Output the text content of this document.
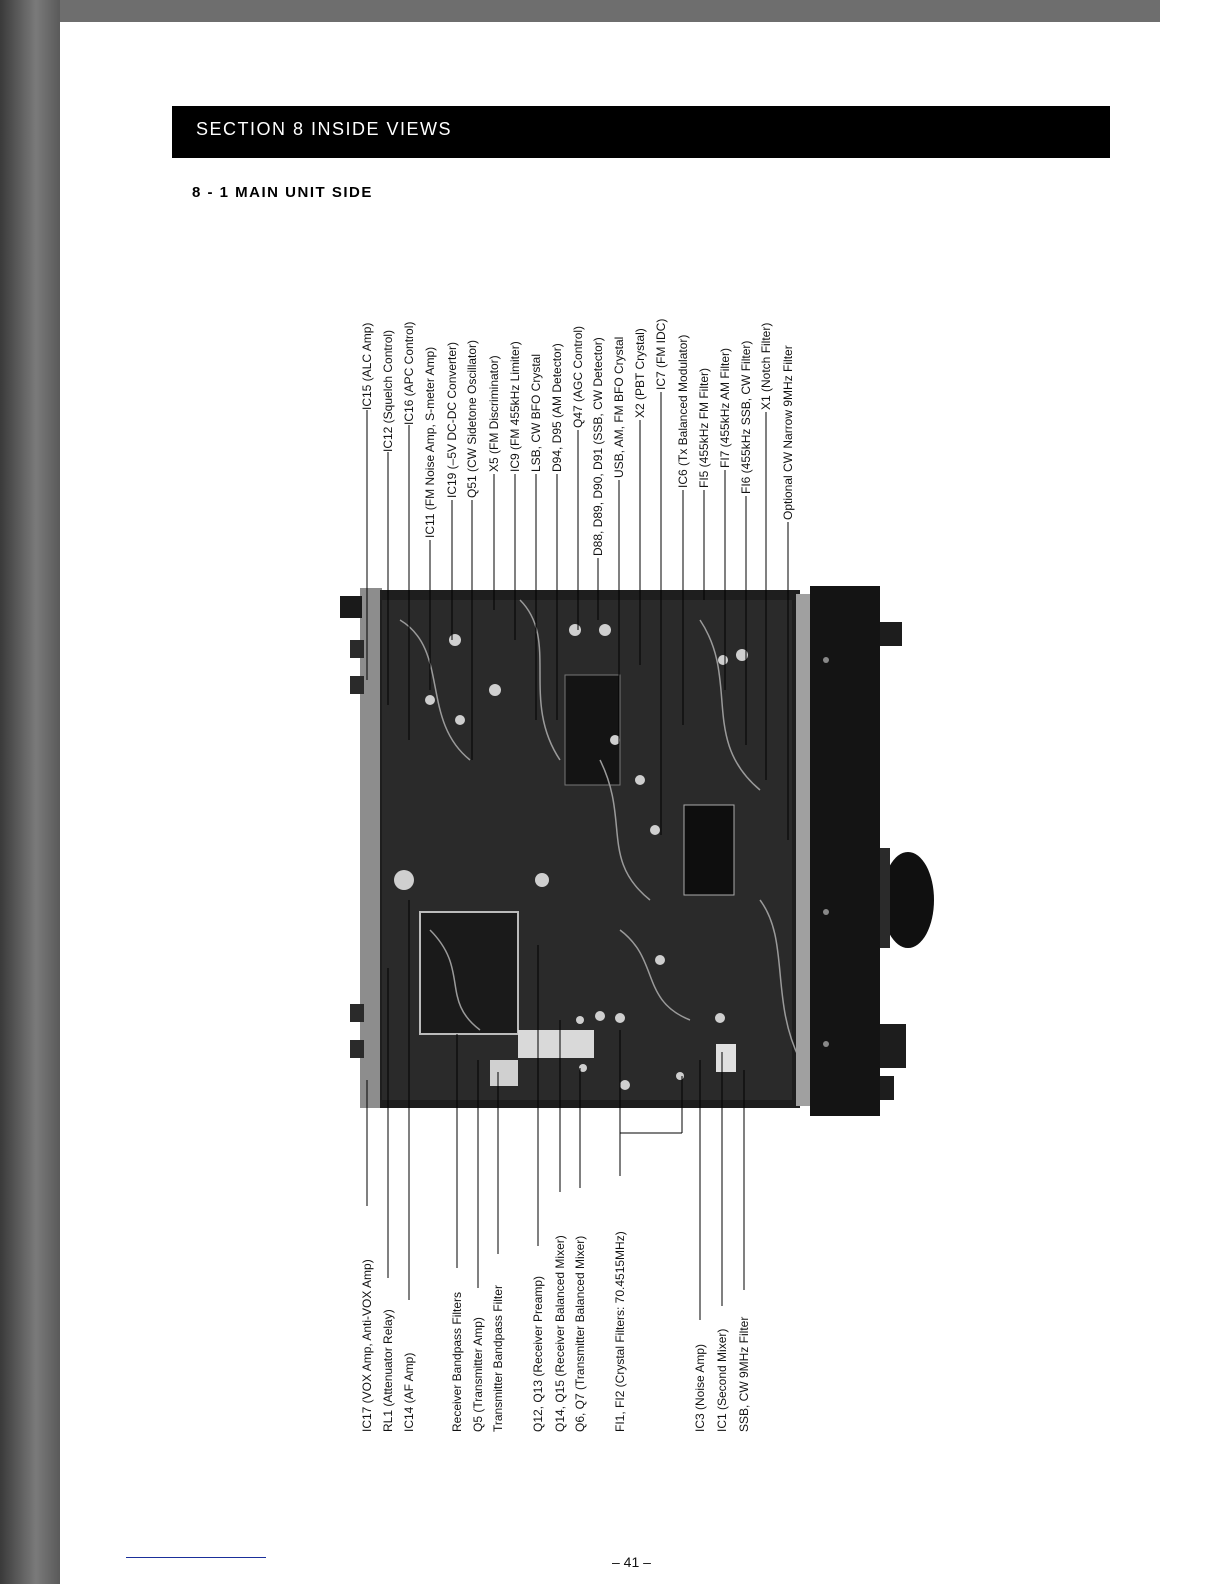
SECTION 8 INSIDE VIEWS
8 - 1 MAIN UNIT SIDE
IC15 (ALC Amp) IC12 (Squelch Control) IC16 (APC Control) IC11 (FM Noise Amp, S-meter Amp) IC19 (–5V DC-DC Converter) Q51 (CW Sidetone Oscillator) X5 (FM Discriminator) IC9 (FM 455kHz Limiter) LSB, CW BFO Crystal D94, D95 (AM Detector) Q47 (AGC Control) D88, D89, D90, D91 (SSB, CW Detector) USB, AM, FM BFO Crystal X2 (PBT Crystal) IC7 (FM IDC) IC6 (Tx Balanced Modulator) FI5 (455kHz FM Filter) FI7 (455kHz AM Filter) FI6 (455kHz SSB, CW Filter) X1 (Notch Filter) Optional CW Narrow 9MHz Filter
IC17 (VOX Amp, Anti-VOX Amp) RL1 (Attenuator Relay) IC14 (AF Amp)	Receiver Bandpass Filters Q5 (Transmitter Amp) Transmitter Bandpass Filter Q12, Q13 (Receiver Preamp) Q14, Q15 (Receiver Balanced Mixer) Q6, Q7 (Transmitter Balanced Mixer) FI1, FI2 (Crystal Filters: 70.4515MHz)	IC3 (Noise Amp) IC1 (Second Mixer) SSB, CW 9MHz Filter
– 41 –
